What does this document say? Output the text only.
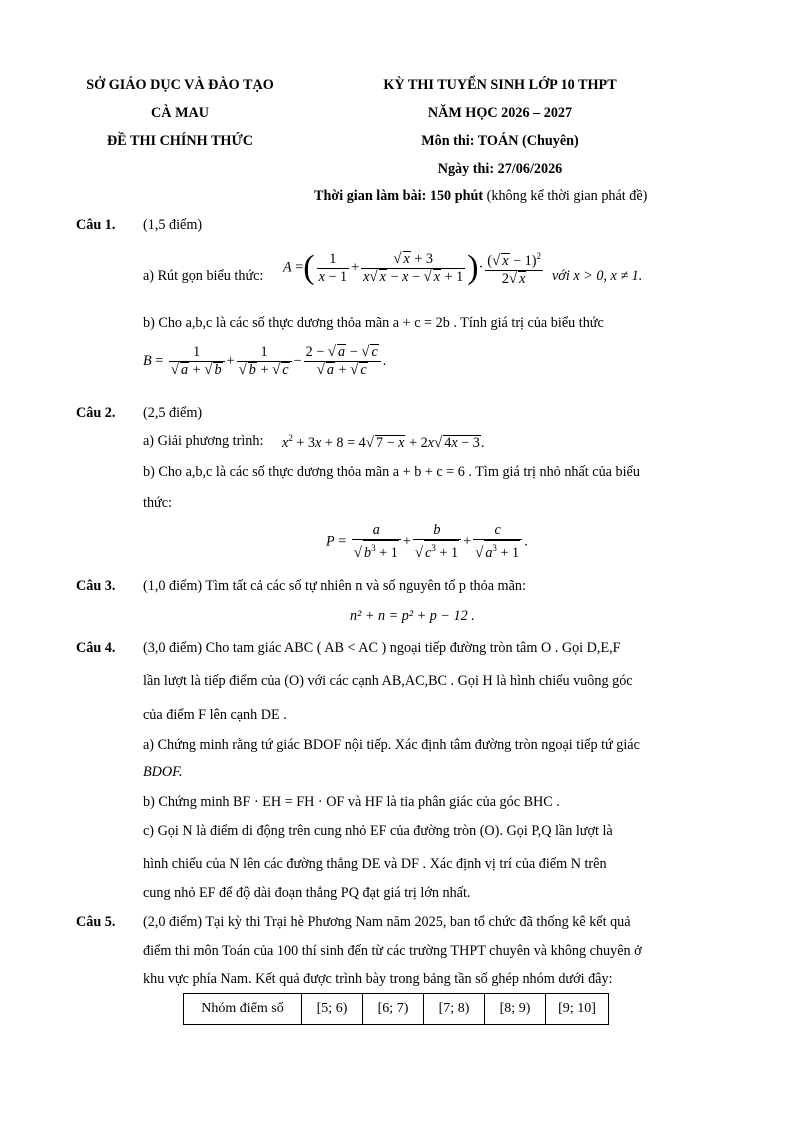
SỞ GIÁO DỤC VÀ ĐÀO TẠO
CÀ MAU
ĐỀ THI CHÍNH THỨC
KỲ THI TUYỂN SINH LỚP 10 THPT
NĂM HỌC 2026 – 2027
Môn thi: TOÁN (Chuyên)
Ngày thi: 27/06/2026
Thời gian làm bài: 150 phút (không kể thời gian phát đề)
Câu 1. (1,5 điểm)
a) Rút gọn biểu thức:
A =( $\frac{1}{x - 1} + \frac{√ x + 3}{x√ x - x - √ x + 1}$ )· $\frac{(√ x - 1)^2}{2√ x}$ với x > 0, x ≠ 1.
b) Cho a,b,c là các số thực dương thỏa mãn a + c = 2b . Tính giá trị của biểu thức
$B = \frac{1}{√ a + √ b} + \frac{1}{√ b + √ c} - \frac{2 - √ a - √ c}{√ a + √ c}$ .
Câu 2. (2,5 điểm)
a) Giải phương trình: $x^2 + 3x + 8 = 4√$ 7 − x + 2x√ 4x − 3.
b) Cho a,b,c là các số thực dương thỏa mãn a + b + c = 6 . Tìm giá trị nhỏ nhất của biểu
thức:
$P = \frac{a}{√ b^3 + 1} + \frac{b}{√ c^3 + 1} + \frac{c}{√ a^3 + 1}$ .
Câu 3. (1,0 điểm) Tìm tất cả các số tự nhiên n và số nguyên tố p thỏa mãn:
n² + n = p² + p − 12 .
Câu 4. (3,0 điểm) Cho tam giác ABC ( AB < AC ) ngoại tiếp đường tròn tâm O . Gọi D,E,F
lần lượt là tiếp điểm của (O) với các cạnh AB,AC,BC . Gọi H là hình chiếu vuông góc
của điểm F lên cạnh DE .
a) Chứng minh rằng tứ giác BDOF nội tiếp. Xác định tâm đường tròn ngoại tiếp tứ giác
BDOF.
b) Chứng minh BF · EH = FH · OF và HF là tia phân giác của góc BHC .
c) Gọi N là điểm di động trên cung nhỏ EF của đường tròn (O). Gọi P,Q lần lượt là
hình chiếu của N lên các đường thẳng DE và DF . Xác định vị trí của điểm N trên
cung nhỏ EF để độ dài đoạn thẳng PQ đạt giá trị lớn nhất.
Câu 5. (2,0 điểm) Tại kỳ thi Trại hè Phương Nam năm 2025, ban tổ chức đã thống kê kết quả
điểm thi môn Toán của 100 thí sinh đến từ các trường THPT chuyên và không chuyên ở
khu vực phía Nam. Kết quả được trình bày trong bảng tần số ghép nhóm dưới đây:
Nhóm điểm số	[5; 6)	[6; 7)	[7; 8)	[8; 9)	[9; 10]
